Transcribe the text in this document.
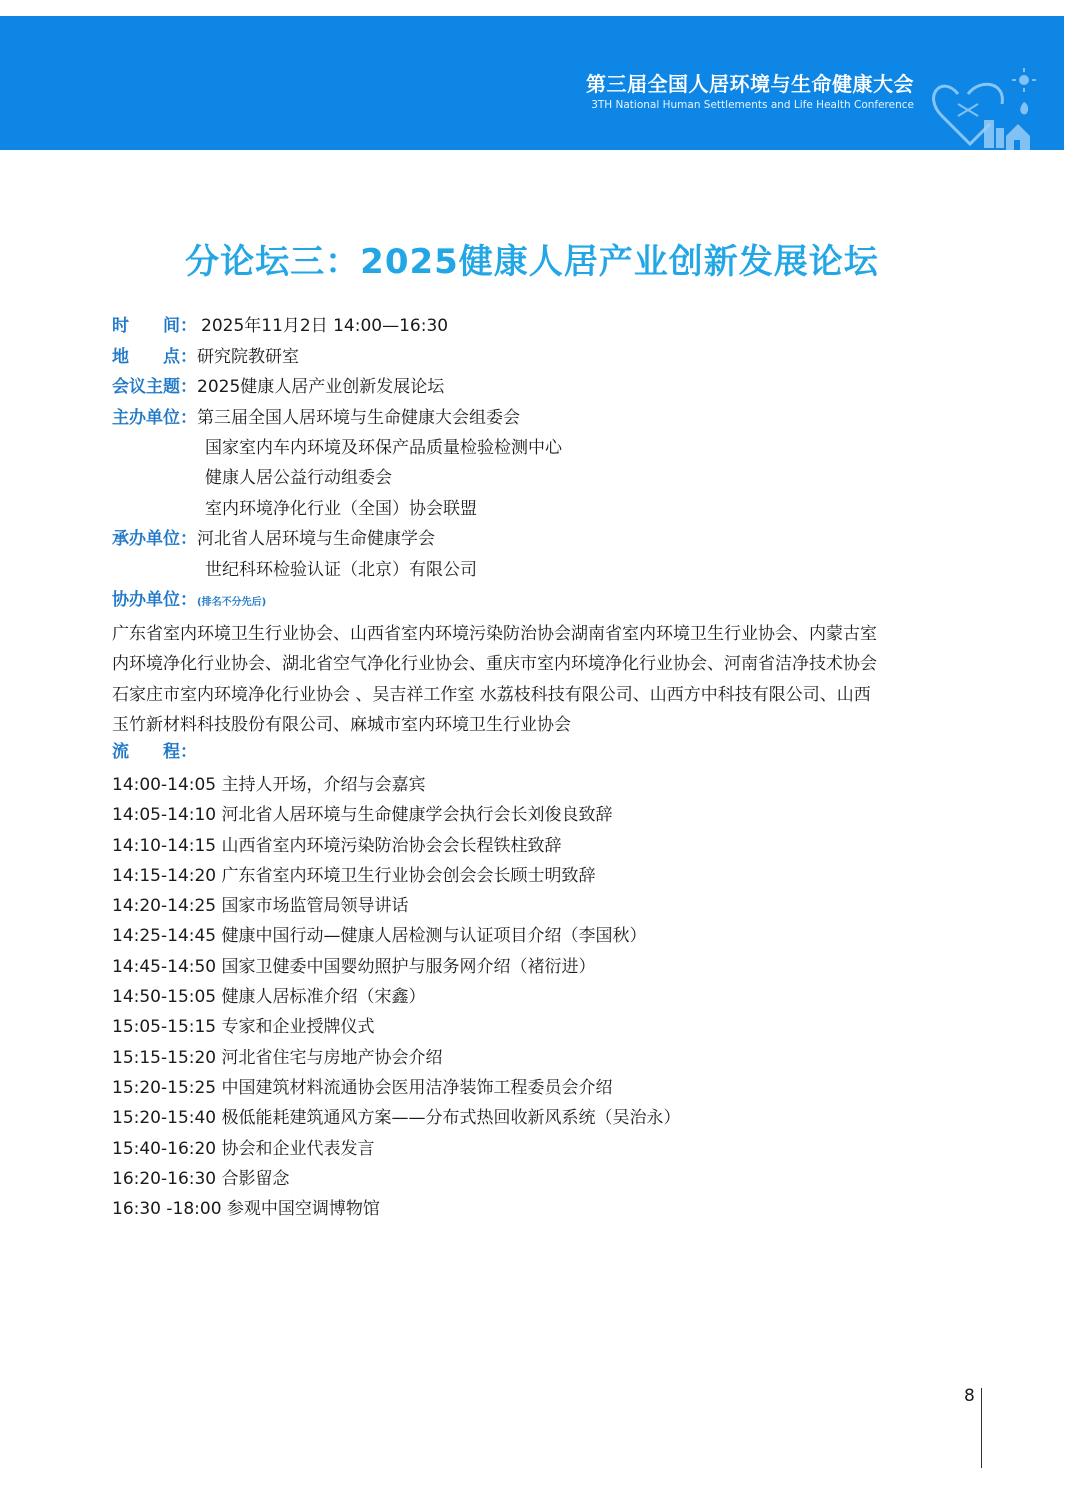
第三届全国人居环境与生命健康大会
3TH National Human Settlements and Life Health Conference
分论坛三：2025健康人居产业创新发展论坛
时　　间： 2025年11月2日 14:00—16:30
地　　点：研究院教研室
会议主题：2025健康人居产业创新发展论坛
主办单位：第三届全国人居环境与生命健康大会组委会
国家室内车内环境及环保产品质量检验检测中心
健康人居公益行动组委会
室内环境净化行业（全国）协会联盟
承办单位：河北省人居环境与生命健康学会
世纪科环检验认证（北京）有限公司
协办单位：(排名不分先后)
广东省室内环境卫生行业协会、山西省室内环境污染防治协会湖南省室内环境卫生行业协会、内蒙古室
内环境净化行业协会、湖北省空气净化行业协会、重庆市室内环境净化行业协会、河南省洁净技术协会
石家庄市室内环境净化行业协会 、吴吉祥工作室 水荔枝科技有限公司、山西方中科技有限公司、山西
玉竹新材料科技股份有限公司、麻城市室内环境卫生行业协会
流　　程：
14:00-14:05 主持人开场，介绍与会嘉宾
14:05-14:10 河北省人居环境与生命健康学会执行会长刘俊良致辞
14:10-14:15 山西省室内环境污染防治协会会长程铁柱致辞
14:15-14:20 广东省室内环境卫生行业协会创会会长顾士明致辞
14:20-14:25 国家市场监管局领导讲话
14:25-14:45 健康中国行动—健康人居检测与认证项目介绍（李国秋）
14:45-14:50 国家卫健委中国婴幼照护与服务网介绍（褚衍进）
14:50-15:05 健康人居标准介绍（宋鑫）
15:05-15:15 专家和企业授牌仪式
15:15-15:20 河北省住宅与房地产协会介绍
15:20-15:25 中国建筑材料流通协会医用洁净装饰工程委员会介绍
15:20-15:40 极低能耗建筑通风方案——分布式热回收新风系统（吴治永）
15:40-16:20 协会和企业代表发言
16:20-16:30 合影留念
16:30 -18:00 参观中国空调博物馆
8
